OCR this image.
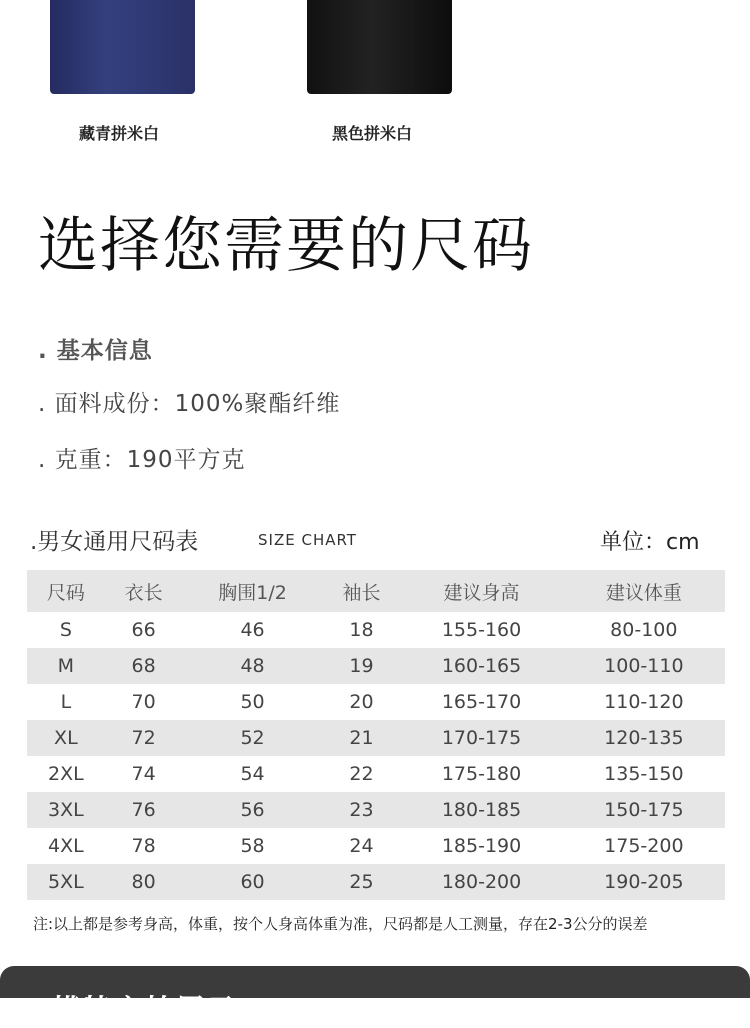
藏青拼米白	黑色拼米白
选择您需要的尺码
. 基本信息
. 面料成份：100%聚酯纤维
. 克重：190平方克
.男女通用尺码表	SIZE CHART	单位：cm
尺码	衣长	胸围1/2	袖长	建议身高	建议体重
S	66	46	18	155-160	80-100
M	68	48	19	160-165	100-110
L	70	50	20	165-170	110-120
XL	72	52	21	170-175	120-135
2XL	74	54	22	175-180	135-150
3XL	76	56	23	180-185	150-175
4XL	78	58	24	185-190	175-200
5XL	80	60	25	180-200	190-205
注:以上都是参考身高，体重，按个人身高体重为准，尺码都是人工测量，存在2-3公分的误差
模特实拍展示
